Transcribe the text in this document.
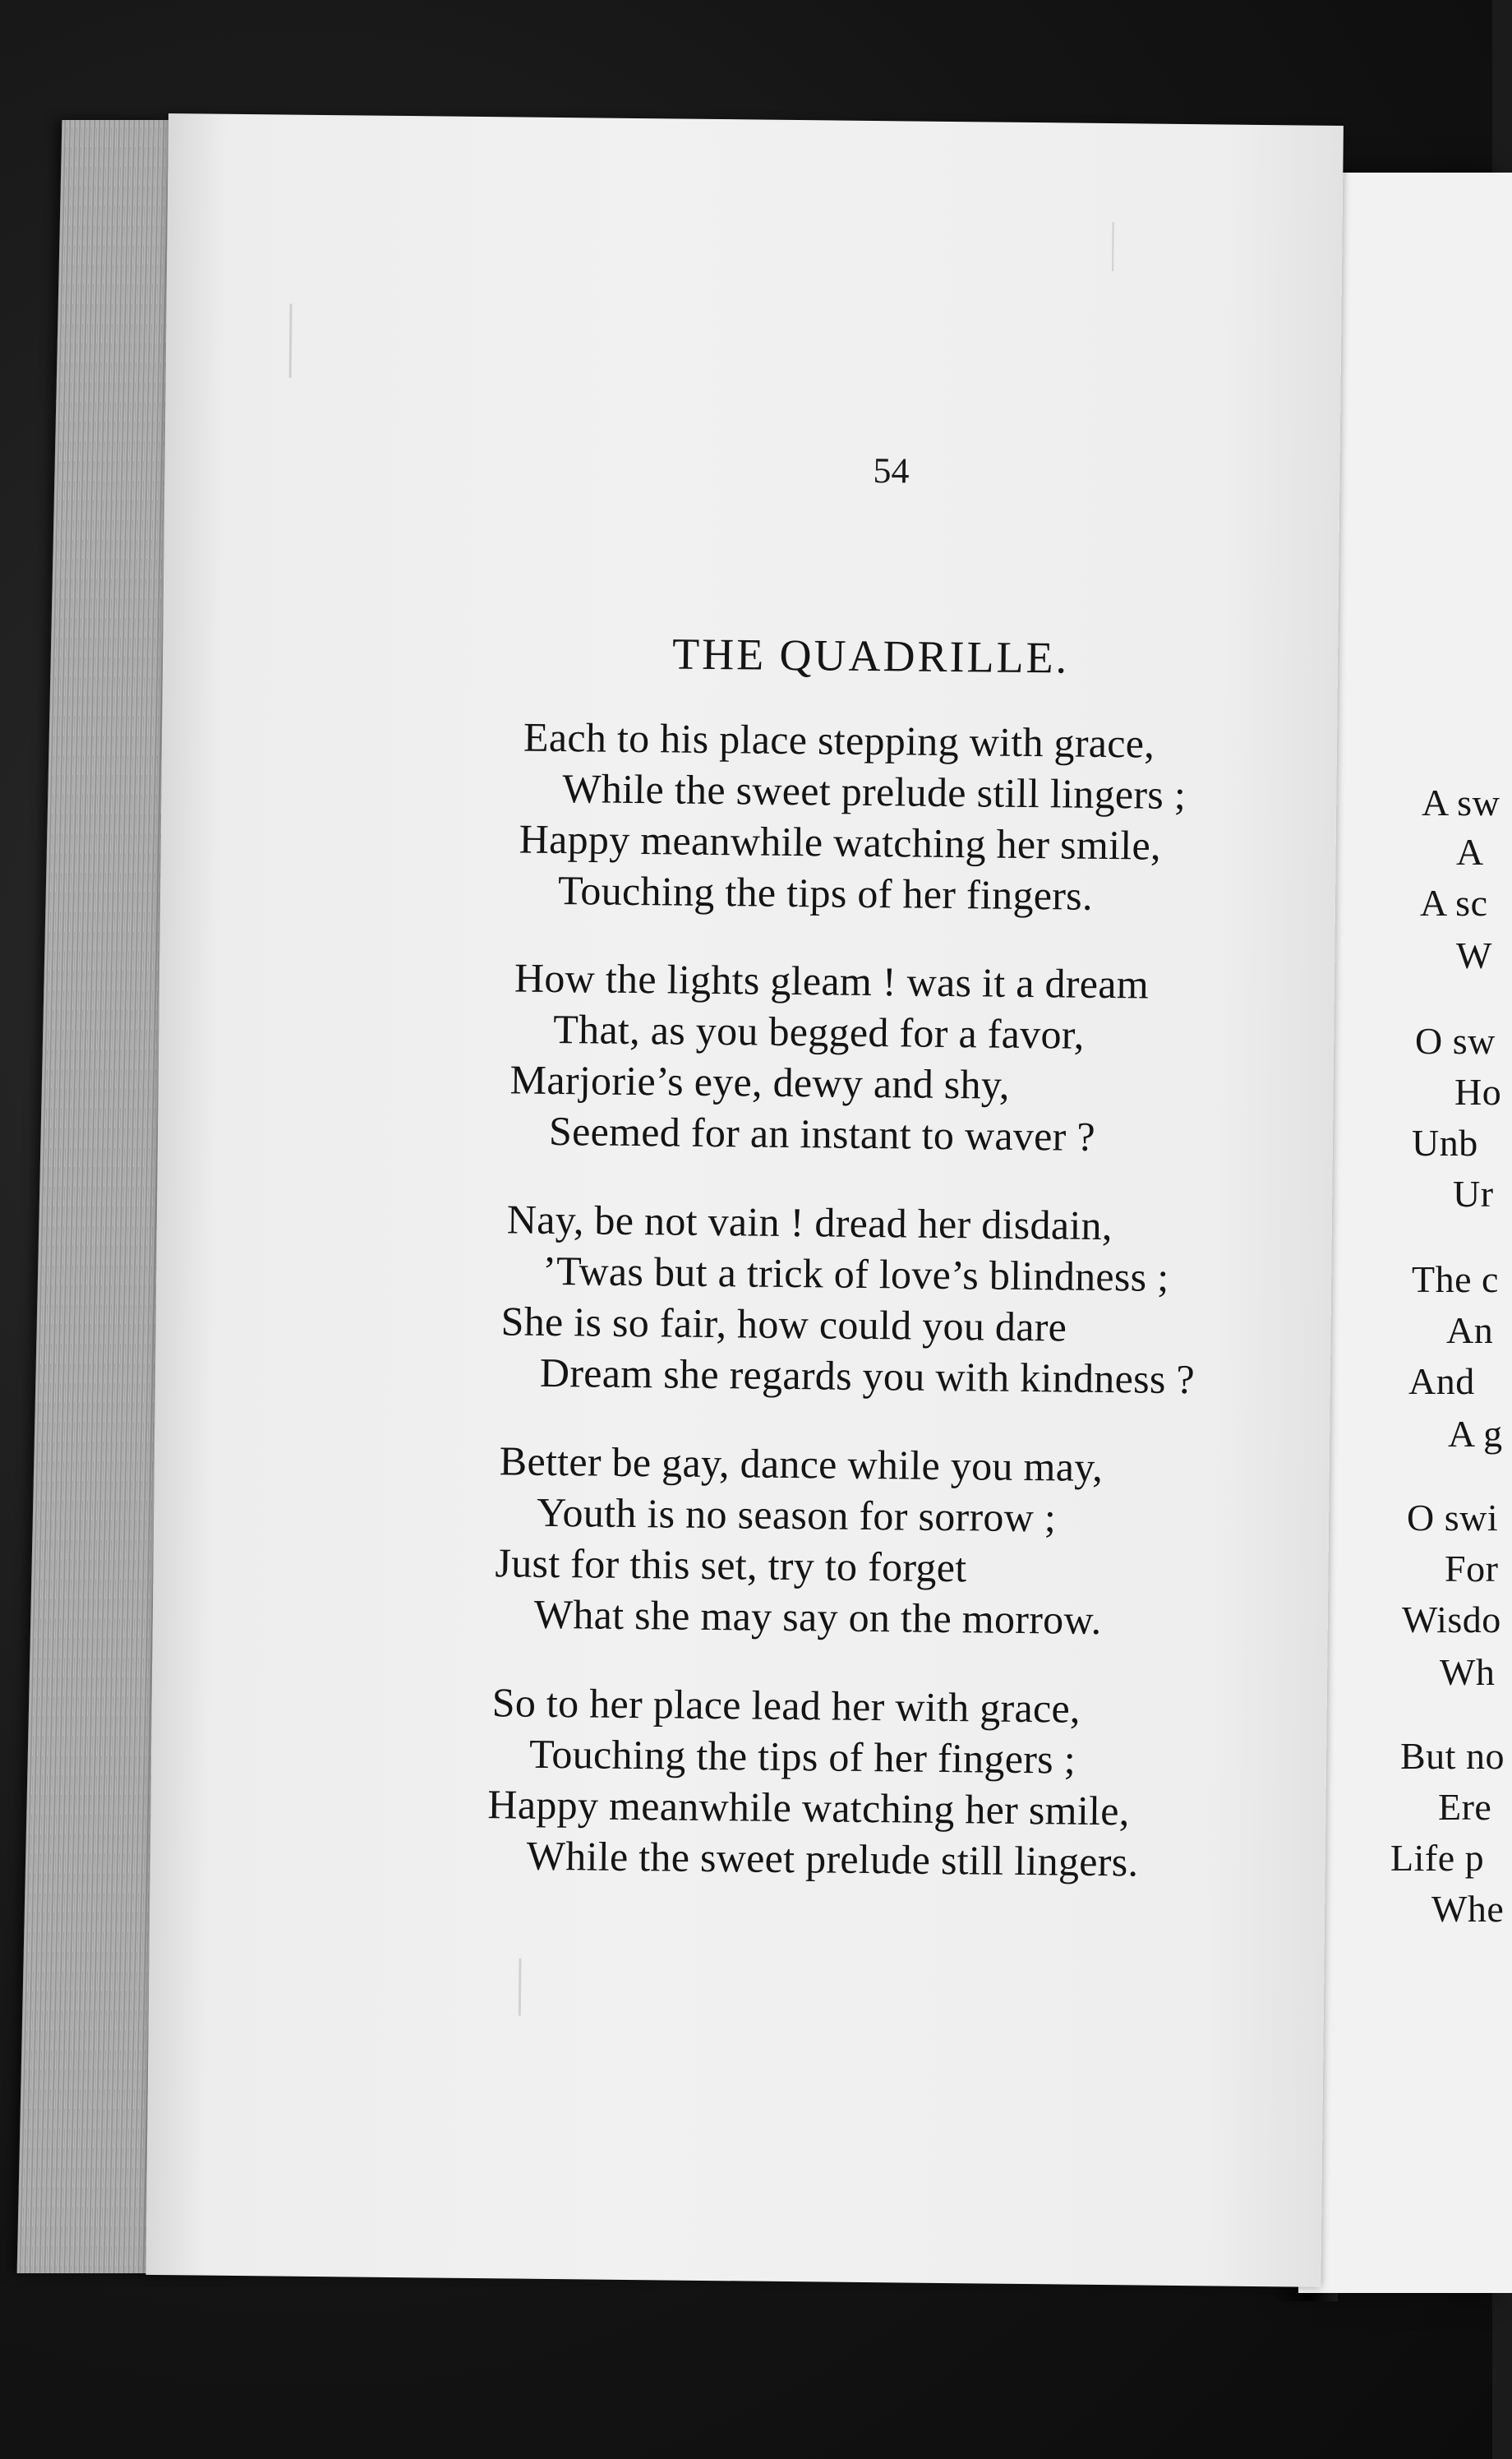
A sw
A
A sc
W
O sw
Ho
Unb
Ur
The c
An
And
A g
O swi
For
Wisdo
Wh
But no
Ere
Life p
Whe
54
THE QUADRILLE.
Each to his place stepping with grace,
While the sweet prelude still lingers ;
Happy meanwhile watching her smile,
Touching the tips of her fingers.
How the lights gleam ! was it a dream
That, as you begged for a favor,
Marjorie’s eye, dewy and shy,
Seemed for an instant to waver ?
Nay, be not vain ! dread her disdain,
’Twas but a trick of love’s blindness ;
She is so fair, how could you dare
Dream she regards you with kindness ?
Better be gay, dance while you may,
Youth is no season for sorrow ;
Just for this set, try to forget
What she may say on the morrow.
So to her place lead her with grace,
Touching the tips of her fingers ;
Happy meanwhile watching her smile,
While the sweet prelude still lingers.
